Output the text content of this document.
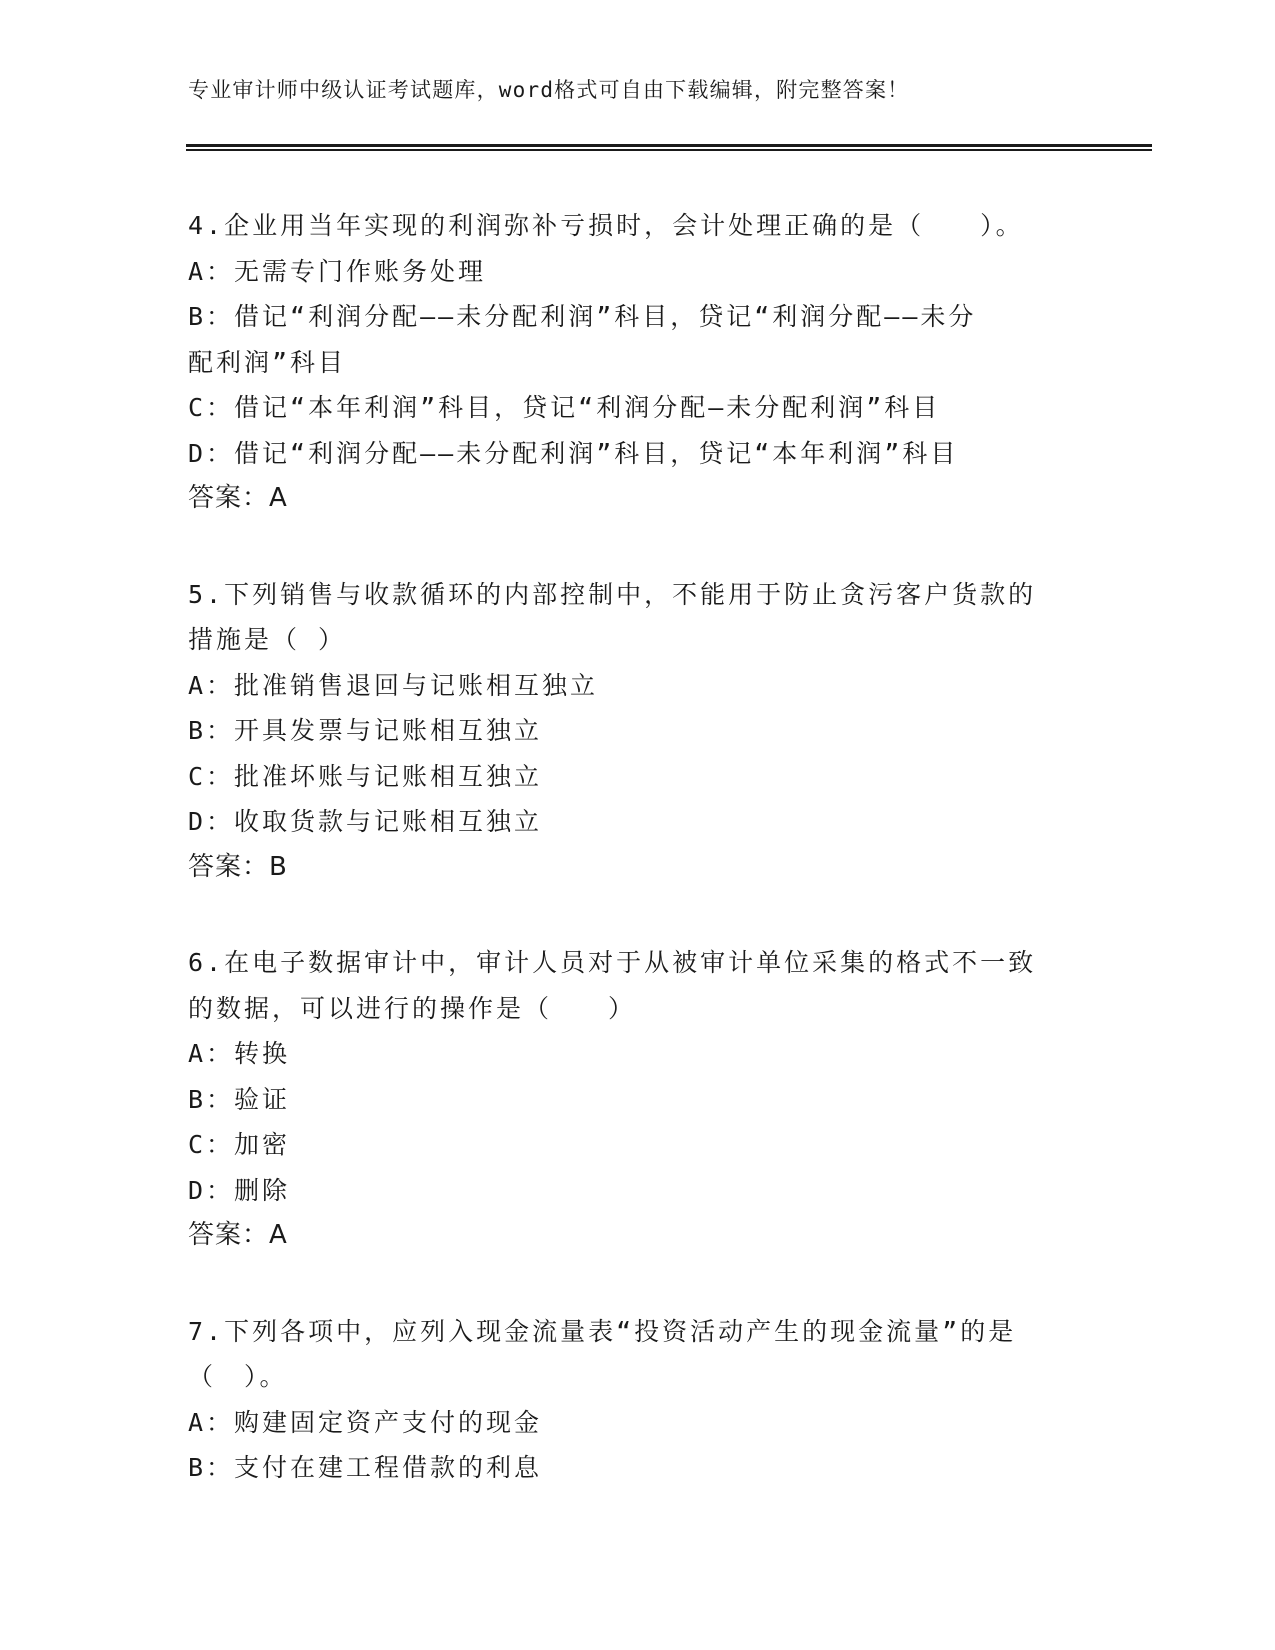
专业审计师中级认证考试题库，word格式可自由下载编辑，附完整答案！
4.企业用当年实现的利润弥补亏损时，会计处理正确的是（　　）。
A：无需专门作账务处理
B：借记“利润分配——未分配利润”科目，贷记“利润分配——未分
配利润”科目
C：借记“本年利润”科目，贷记“利润分配—未分配利润”科目
D：借记“利润分配——未分配利润”科目，贷记“本年利润”科目
答案：A
5.下列销售与收款循环的内部控制中，不能用于防止贪污客户货款的
措施是（ ）
A：批准销售退回与记账相互独立
B：开具发票与记账相互独立
C：批准坏账与记账相互独立
D：收取货款与记账相互独立
答案：B
6.在电子数据审计中，审计人员对于从被审计单位采集的格式不一致
的数据，可以进行的操作是（　　）
A：转换
B：验证
C：加密
D：删除
答案：A
7.下列各项中，应列入现金流量表“投资活动产生的现金流量”的是
（　）。
A：购建固定资产支付的现金
B：支付在建工程借款的利息
